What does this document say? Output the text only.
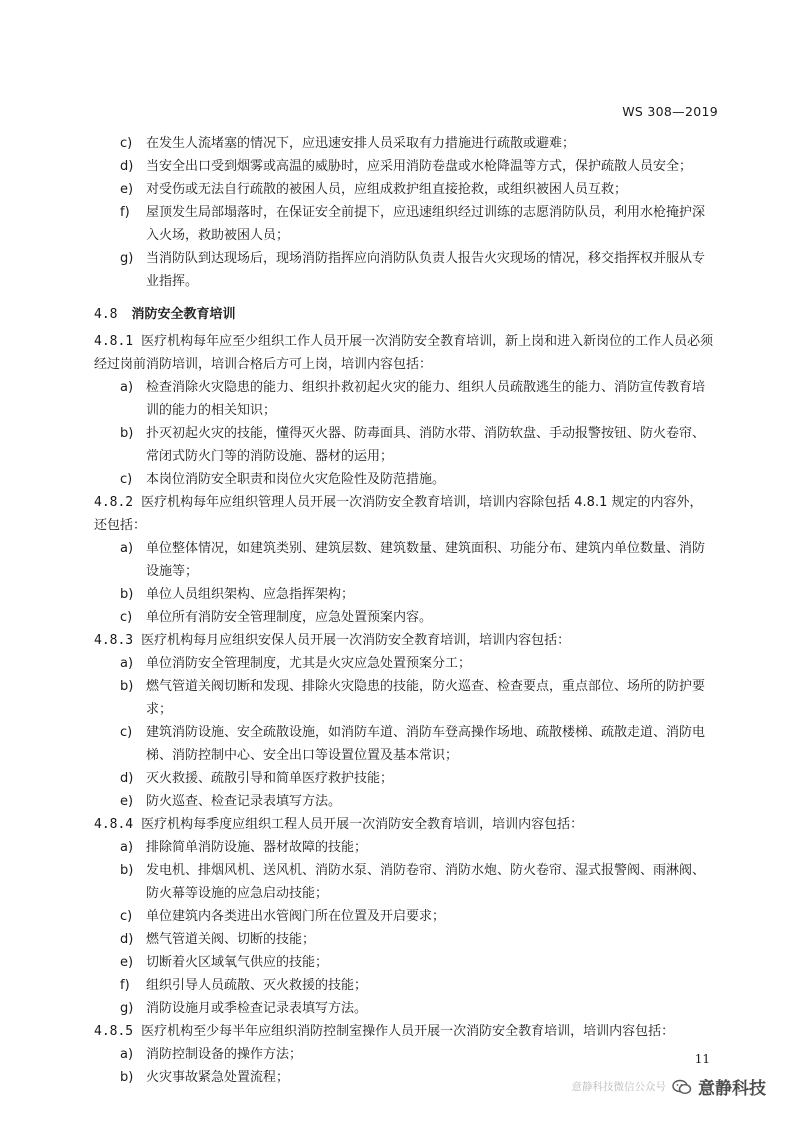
WS 308—2019
c)	在发生人流堵塞的情况下，应迅速安排人员采取有力措施进行疏散或避难；
d) 当安全出口受到烟雾或高温的威胁时，应采用消防卷盘或水枪降温等方式，保护疏散人员安全；
e) 对受伤或无法自行疏散的被困人员，应组成救护组直接抢救，或组织被困人员互救；
f)	屋顶发生局部塌落时，在保证安全前提下，应迅速组织经过训练的志愿消防队员，利用水枪掩护深入火场，救助被困人员；
g) 当消防队到达现场后，现场消防指挥应向消防队负责人报告火灾现场的情况，移交指挥权并服从专业指挥。
4.8 消防安全教育培训
4.8.1 医疗机构每年应至少组织工作人员开展一次消防安全教育培训，新上岗和进入新岗位的工作人员必须经过岗前消防培训，培训合格后方可上岗，培训内容包括：
a) 检查消除火灾隐患的能力、组织扑救初起火灾的能力、组织人员疏散逃生的能力、消防宣传教育培训的能力的相关知识；
b) 扑灭初起火灾的技能，懂得灭火器、防毒面具、消防水带、消防软盘、手动报警按钮、防火卷帘、常闭式防火门等的消防设施、器材的运用；
c)	本岗位消防安全职责和岗位火灾危险性及防范措施。
4.8.2 医疗机构每年应组织管理人员开展一次消防安全教育培训，培训内容除包括 4.8.1 规定的内容外，还包括：
a) 单位整体情况，如建筑类别、建筑层数、建筑数量、建筑面积、功能分布、建筑内单位数量、消防设施等；
b) 单位人员组织架构、应急指挥架构；
c)	单位所有消防安全管理制度，应急处置预案内容。
4.8.3 医疗机构每月应组织安保人员开展一次消防安全教育培训，培训内容包括：
a) 单位消防安全管理制度，尤其是火灾应急处置预案分工；
b) 燃气管道关阀切断和发现、排除火灾隐患的技能，防火巡查、检查要点，重点部位、场所的防护要求；
c)	建筑消防设施、安全疏散设施，如消防车道、消防车登高操作场地、疏散楼梯、疏散走道、消防电梯、消防控制中心、安全出口等设置位置及基本常识；
d) 灭火救援、疏散引导和简单医疗救护技能；
e) 防火巡查、检查记录表填写方法。
4.8.4 医疗机构每季度应组织工程人员开展一次消防安全教育培训，培训内容包括：
a) 排除简单消防设施、器材故障的技能；
b) 发电机、排烟风机、送风机、消防水泵、消防卷帘、消防水炮、防火卷帘、湿式报警阀、雨淋阀、防火幕等设施的应急启动技能；
c)	单位建筑内各类进出水管阀门所在位置及开启要求；
d) 燃气管道关阀、切断的技能；
e) 切断着火区域氧气供应的技能；
f)	组织引导人员疏散、灭火救援的技能；
g) 消防设施月或季检查记录表填写方法。
4.8.5 医疗机构至少每半年应组织消防控制室操作人员开展一次消防安全教育培训，培训内容包括：
a) 消防控制设备的操作方法；
b) 火灾事故紧急处置流程；
11
意静科技微信公众号 意静科技
